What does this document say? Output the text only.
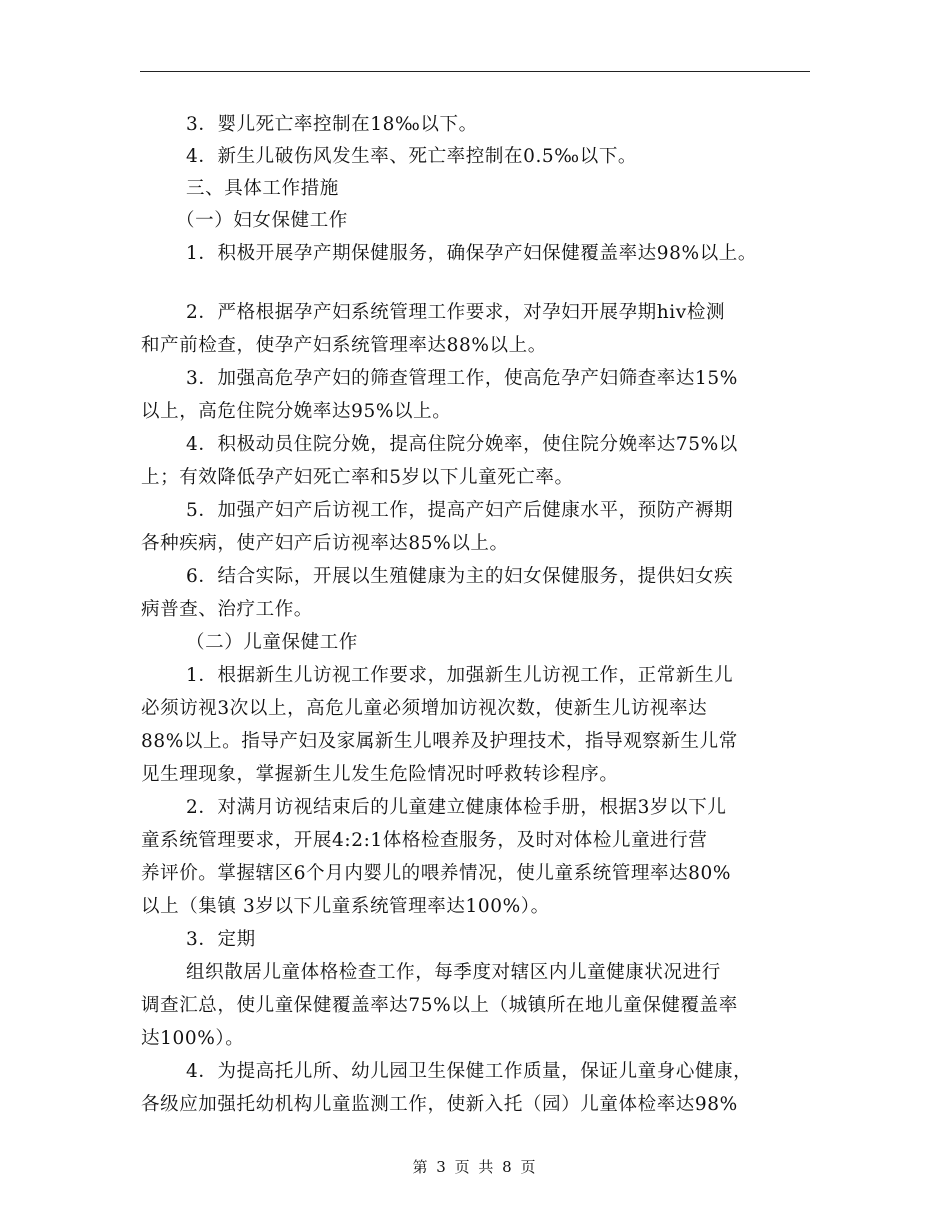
3．婴儿死亡率控制在18‰以下。
4．新生儿破伤风发生率、死亡率控制在0.5‰以下。
三、具体工作措施
（一）妇女保健工作
1．积极开展孕产期保健服务，确保孕产妇保健覆盖率达98%以上。
2．严格根据孕产妇系统管理工作要求，对孕妇开展孕期hiv检测
和产前检查，使孕产妇系统管理率达88%以上。
3．加强高危孕产妇的筛查管理工作，使高危孕产妇筛查率达15%
以上，高危住院分娩率达95%以上。
4．积极动员住院分娩，提高住院分娩率，使住院分娩率达75%以
上；有效降低孕产妇死亡率和5岁以下儿童死亡率。
5．加强产妇产后访视工作，提高产妇产后健康水平，预防产褥期
各种疾病，使产妇产后访视率达85%以上。
6．结合实际，开展以生殖健康为主的妇女保健服务，提供妇女疾
病普查、治疗工作。
（二）儿童保健工作
1．根据新生儿访视工作要求，加强新生儿访视工作，正常新生儿
必须访视3次以上，高危儿童必须增加访视次数，使新生儿访视率达
88%以上。指导产妇及家属新生儿喂养及护理技术，指导观察新生儿常
见生理现象，掌握新生儿发生危险情况时呼救转诊程序。
2．对满月访视结束后的儿童建立健康体检手册，根据3岁以下儿
童系统管理要求，开展4:2:1体格检查服务，及时对体检儿童进行营
养评价。掌握辖区6个月内婴儿的喂养情况，使儿童系统管理率达80%
以上（集镇 3岁以下儿童系统管理率达100%）。
3．定期
组织散居儿童体格检查工作，每季度对辖区内儿童健康状况进行
调查汇总，使儿童保健覆盖率达75%以上（城镇所在地儿童保健覆盖率
达100%）。
4．为提高托儿所、幼儿园卫生保健工作质量，保证儿童身心健康，
各级应加强托幼机构儿童监测工作，使新入托（园）儿童体检率达98%
第 3 页 共 8 页
